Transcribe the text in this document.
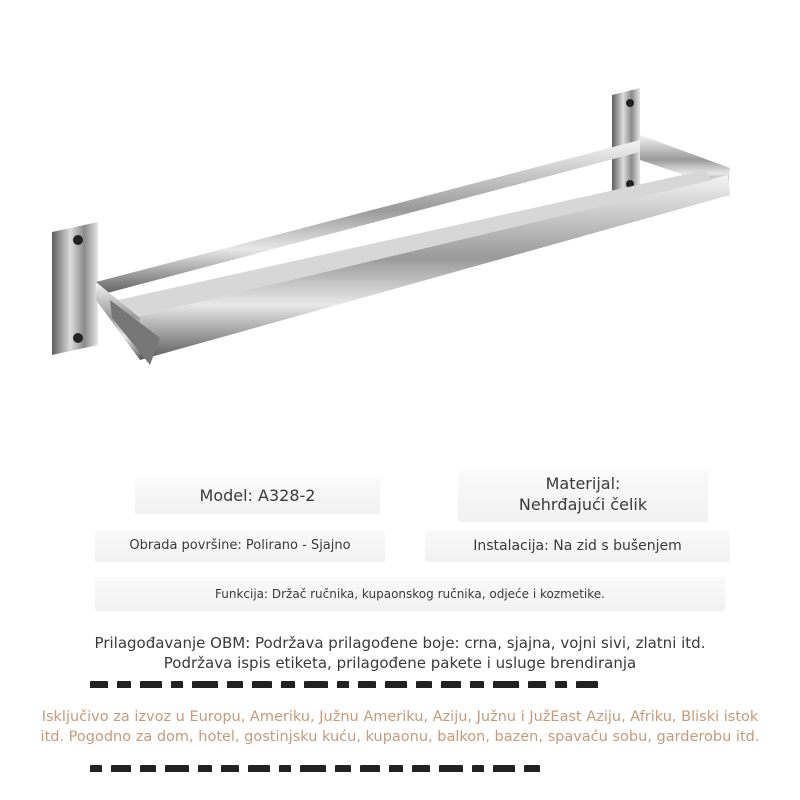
Model: A328-2
Materijal:
Nehrđajući čelik
Obrada površine: Polirano - Sjajno	Instalacija: Na zid s bušenjem
Funkcija: Držač ručnika, kupaonskog ručnika, odjeće i kozmetike.
Prilagođavanje OBM: Podržava prilagođene boje: crna, sjajna, vojni sivi, zlatni itd.
Podržava ispis etiketa, prilagođene pakete i usluge brendiranja
Isključivo za izvoz u Europu, Ameriku, Južnu Ameriku, Aziju, Južnu i JužEast Aziju, Afriku, Bliski istok itd. Pogodno za dom, hotel, gostinjsku kuću, kupaonu, balkon, bazen, spavaću sobu, garderobu itd.
